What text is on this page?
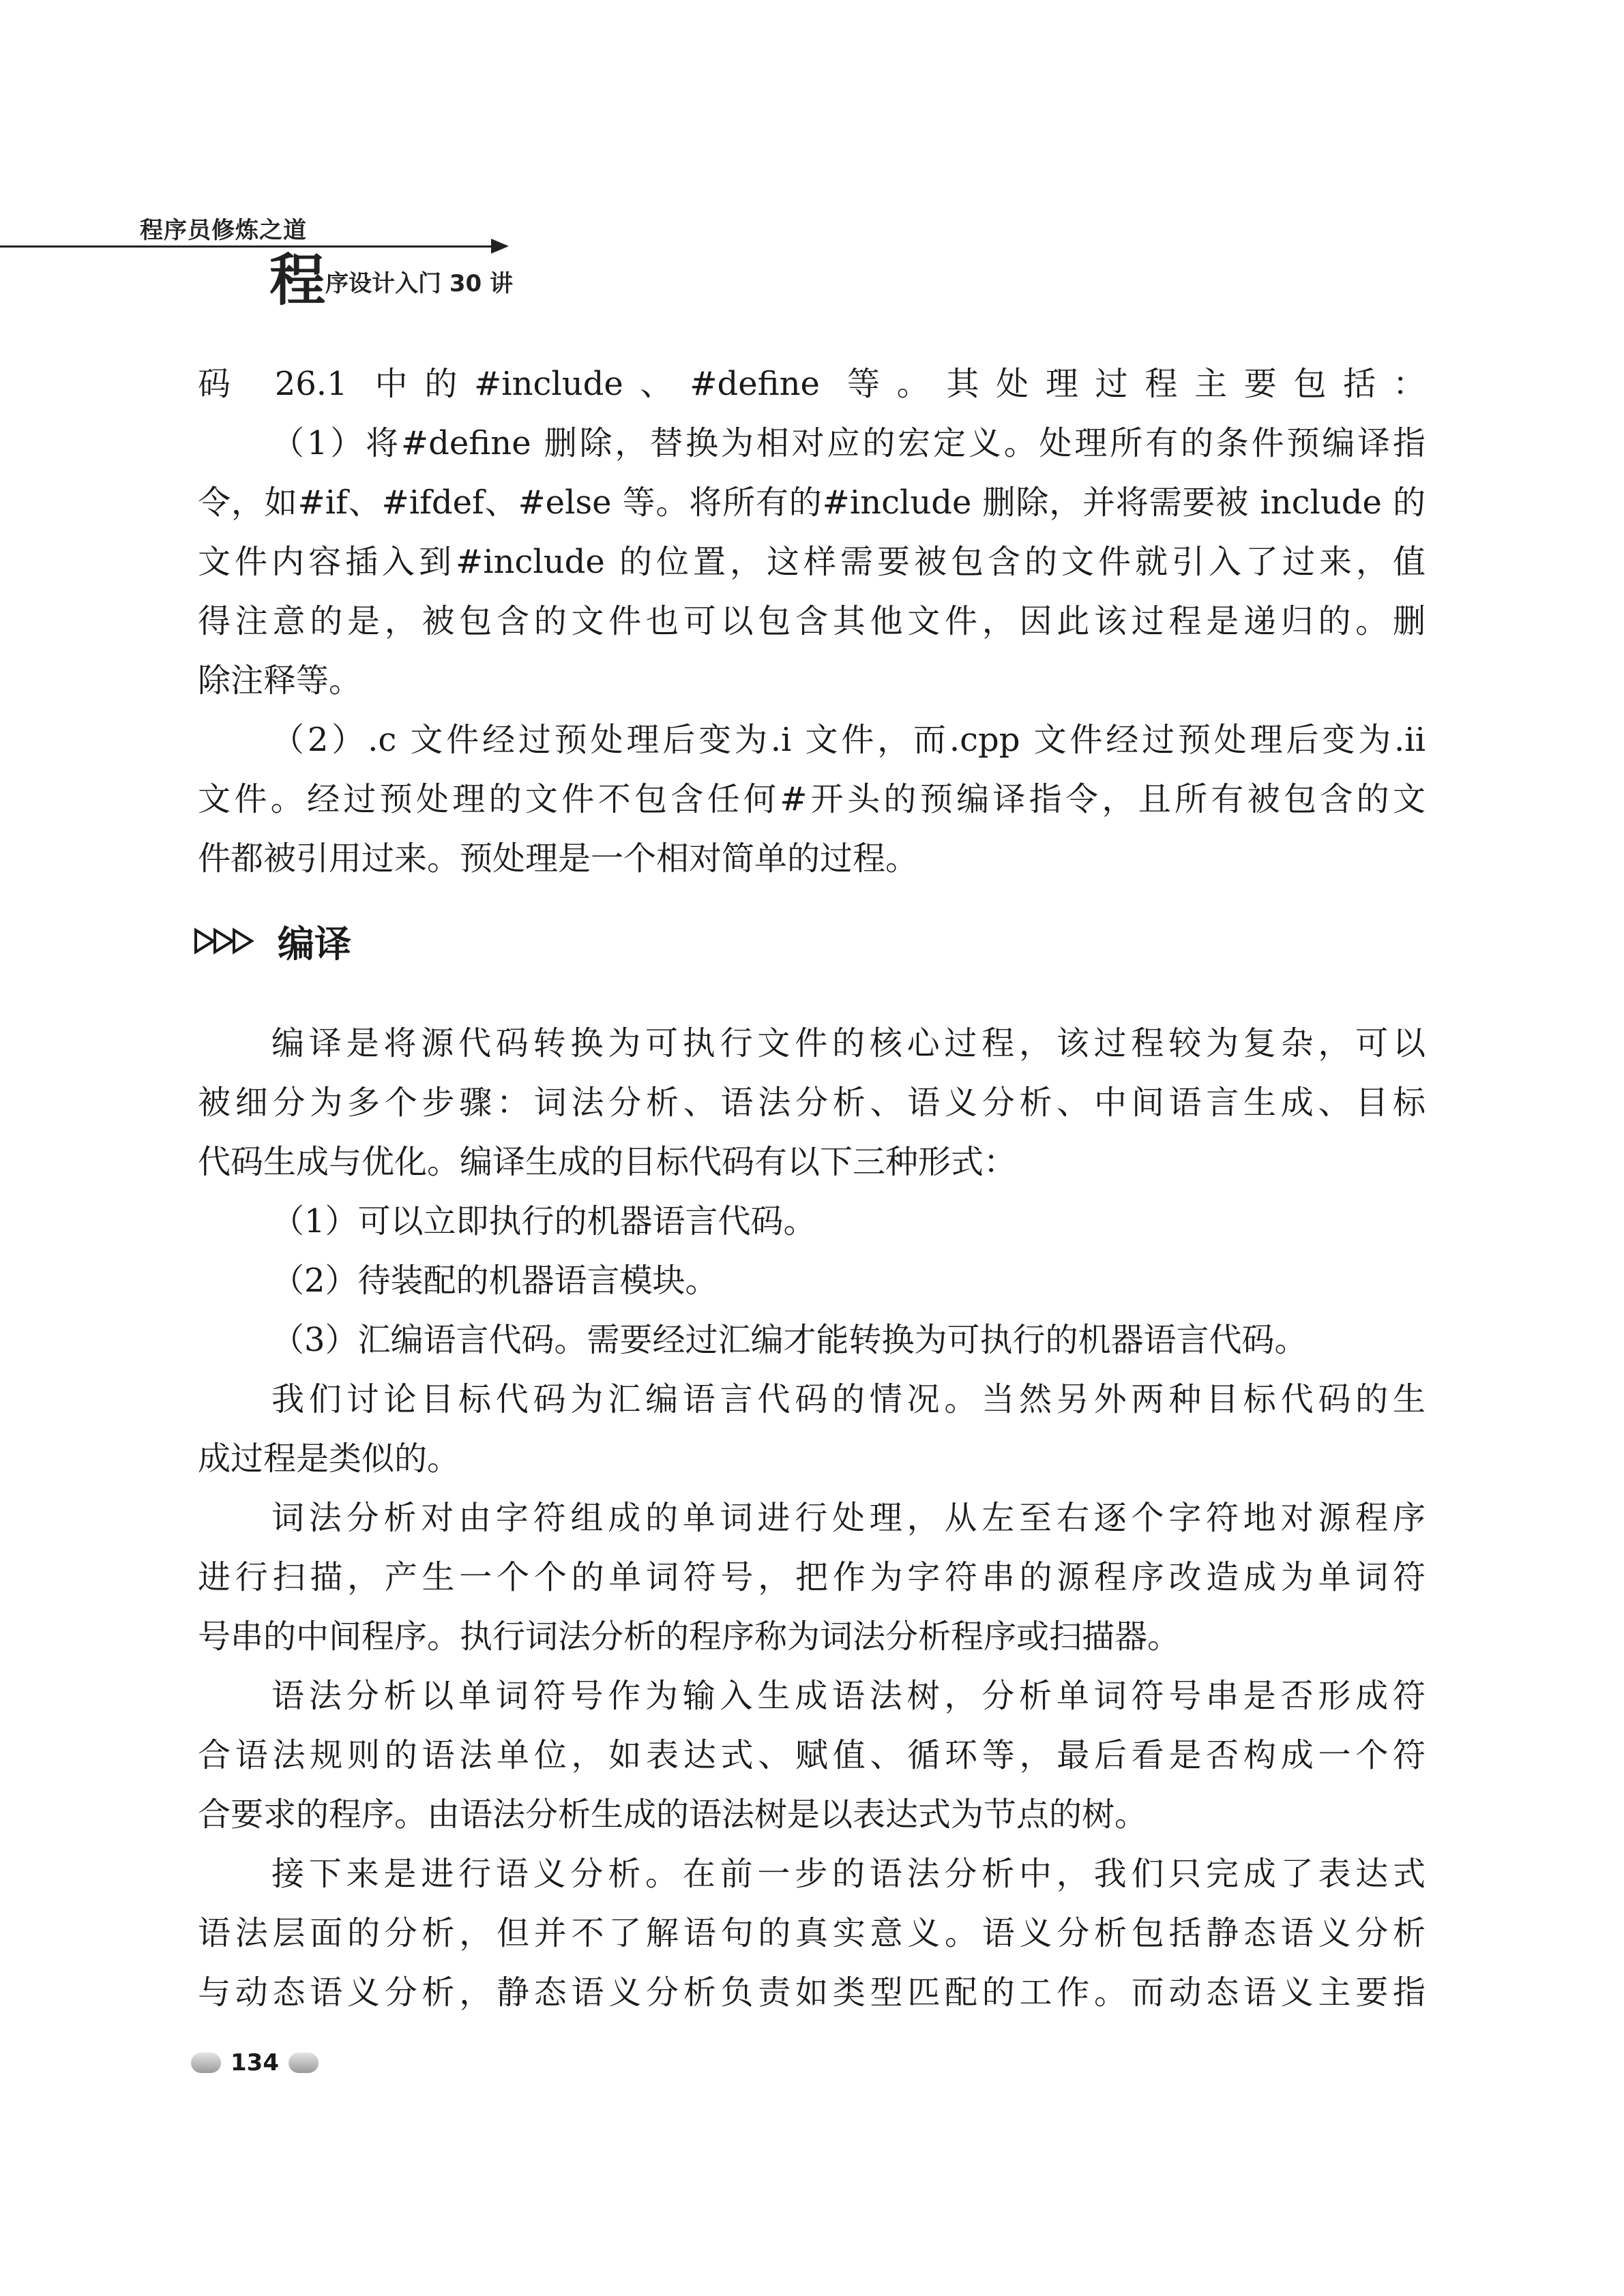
程序员修炼之道
程序设计入门 30 讲
码 26.1 中的#include、#define 等。其处理过程主要包括：
（1）将#define 删除，替换为相对应的宏定义。处理所有的条件预编译指
令，如#if、#ifdef、#else 等。将所有的#include 删除，并将需要被 include 的
文件内容插入到#include 的位置，这样需要被包含的文件就引入了过来，值
得注意的是，被包含的文件也可以包含其他文件，因此该过程是递归的。删
除注释等。
（2）.c 文件经过预处理后变为.i 文件，而.cpp 文件经过预处理后变为.ii
文件。经过预处理的文件不包含任何#开头的预编译指令，且所有被包含的文
件都被引用过来。预处理是一个相对简单的过程。
编译
编译是将源代码转换为可执行文件的核心过程，该过程较为复杂，可以
被细分为多个步骤：词法分析、语法分析、语义分析、中间语言生成、目标
代码生成与优化。编译生成的目标代码有以下三种形式：
（1）可以立即执行的机器语言代码。
（2）待装配的机器语言模块。
（3）汇编语言代码。需要经过汇编才能转换为可执行的机器语言代码。
我们讨论目标代码为汇编语言代码的情况。当然另外两种目标代码的生
成过程是类似的。
词法分析对由字符组成的单词进行处理，从左至右逐个字符地对源程序
进行扫描，产生一个个的单词符号，把作为字符串的源程序改造成为单词符
号串的中间程序。执行词法分析的程序称为词法分析程序或扫描器。
语法分析以单词符号作为输入生成语法树，分析单词符号串是否形成符
合语法规则的语法单位，如表达式、赋值、循环等，最后看是否构成一个符
合要求的程序。由语法分析生成的语法树是以表达式为节点的树。
接下来是进行语义分析。在前一步的语法分析中，我们只完成了表达式
语法层面的分析，但并不了解语句的真实意义。语义分析包括静态语义分析
与动态语义分析，静态语义分析负责如类型匹配的工作。而动态语义主要指
134
